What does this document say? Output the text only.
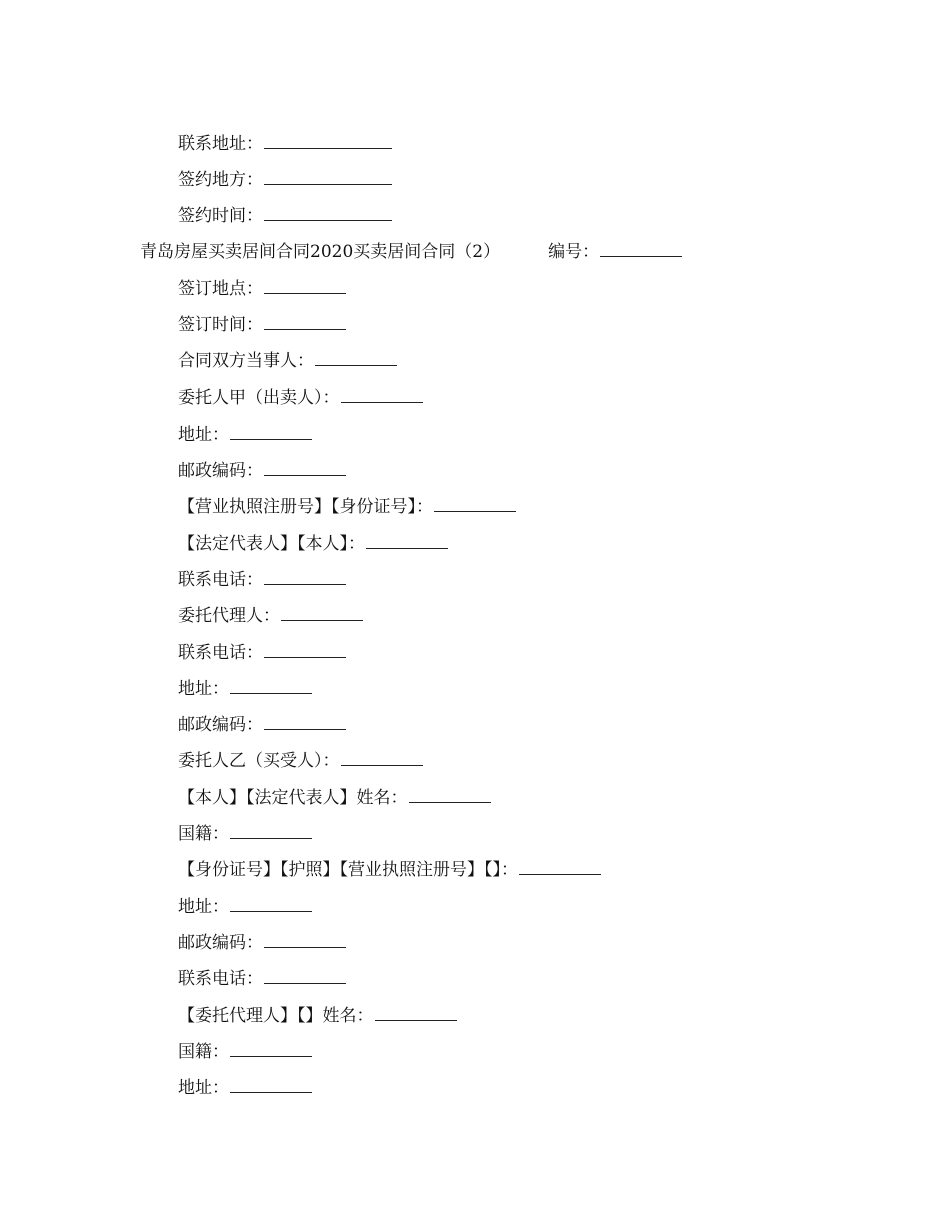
联系地址：
签约地方：
签约时间：
青岛房屋买卖居间合同2020买卖居间合同（2）	编号：
签订地点：
签订时间：
合同双方当事人：
委托人甲（出卖人）：
地址：
邮政编码：
【营业执照注册号】【身份证号】：
【法定代表人】【本人】：
联系电话：
委托代理人：
联系电话：
地址：
邮政编码：
委托人乙（买受人）：
【本人】【法定代表人】姓名：
国籍：
【身份证号】【护照】【营业执照注册号】【】：
地址：
邮政编码：
联系电话：
【委托代理人】【】姓名：
国籍：
地址：
